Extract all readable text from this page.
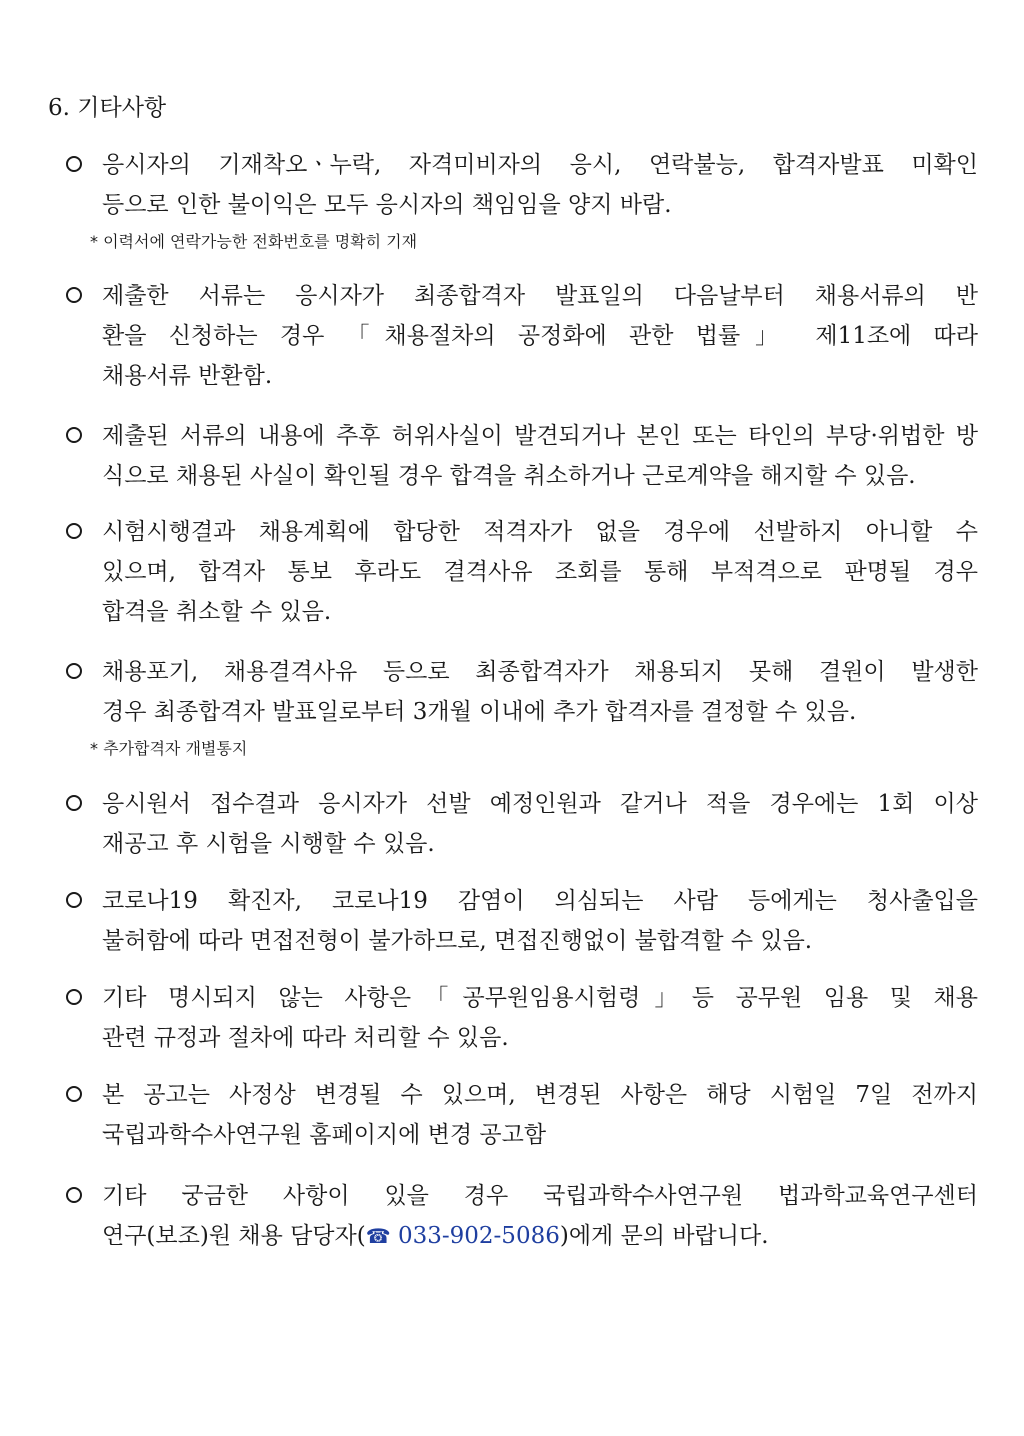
6. 기타사항
응시자의 기재착오ㆍ누락, 자격미비자의 응시, 연락불능, 합격자발표 미확인
등으로 인한 불이익은 모두 응시자의 책임임을 양지 바람.
* 이력서에 연락가능한 전화번호를 명확히 기재
제출한 서류는 응시자가 최종합격자 발표일의 다음날부터 채용서류의 반
환을 신청하는 경우 「채용절차의 공정화에 관한 법률」 제11조에 따라
채용서류 반환함.
제출된 서류의 내용에 추후 허위사실이 발견되거나 본인 또는 타인의 부당·위법한 방
식으로 채용된 사실이 확인될 경우 합격을 취소하거나 근로계약을 해지할 수 있음.
시험시행결과 채용계획에 합당한 적격자가 없을 경우에 선발하지 아니할 수
있으며, 합격자 통보 후라도 결격사유 조회를 통해 부적격으로 판명될 경우
합격을 취소할 수 있음.
채용포기, 채용결격사유 등으로 최종합격자가 채용되지 못해 결원이 발생한
경우 최종합격자 발표일로부터 3개월 이내에 추가 합격자를 결정할 수 있음.
* 추가합격자 개별통지
응시원서 접수결과 응시자가 선발 예정인원과 같거나 적을 경우에는 1회 이상
재공고 후 시험을 시행할 수 있음.
코로나19 확진자, 코로나19 감염이 의심되는 사람 등에게는 청사출입을
불허함에 따라 면접전형이 불가하므로, 면접진행없이 불합격할 수 있음.
기타 명시되지 않는 사항은「공무원임용시험령」등 공무원 임용 및 채용
관련 규정과 절차에 따라 처리할 수 있음.
본 공고는 사정상 변경될 수 있으며, 변경된 사항은 해당 시험일 7일 전까지
국립과학수사연구원 홈페이지에 변경 공고함
기타 궁금한 사항이 있을 경우 국립과학수사연구원 법과학교육연구센터
연구(보조)원 채용 담당자(☎ 033-902-5086)에게 문의 바랍니다.
